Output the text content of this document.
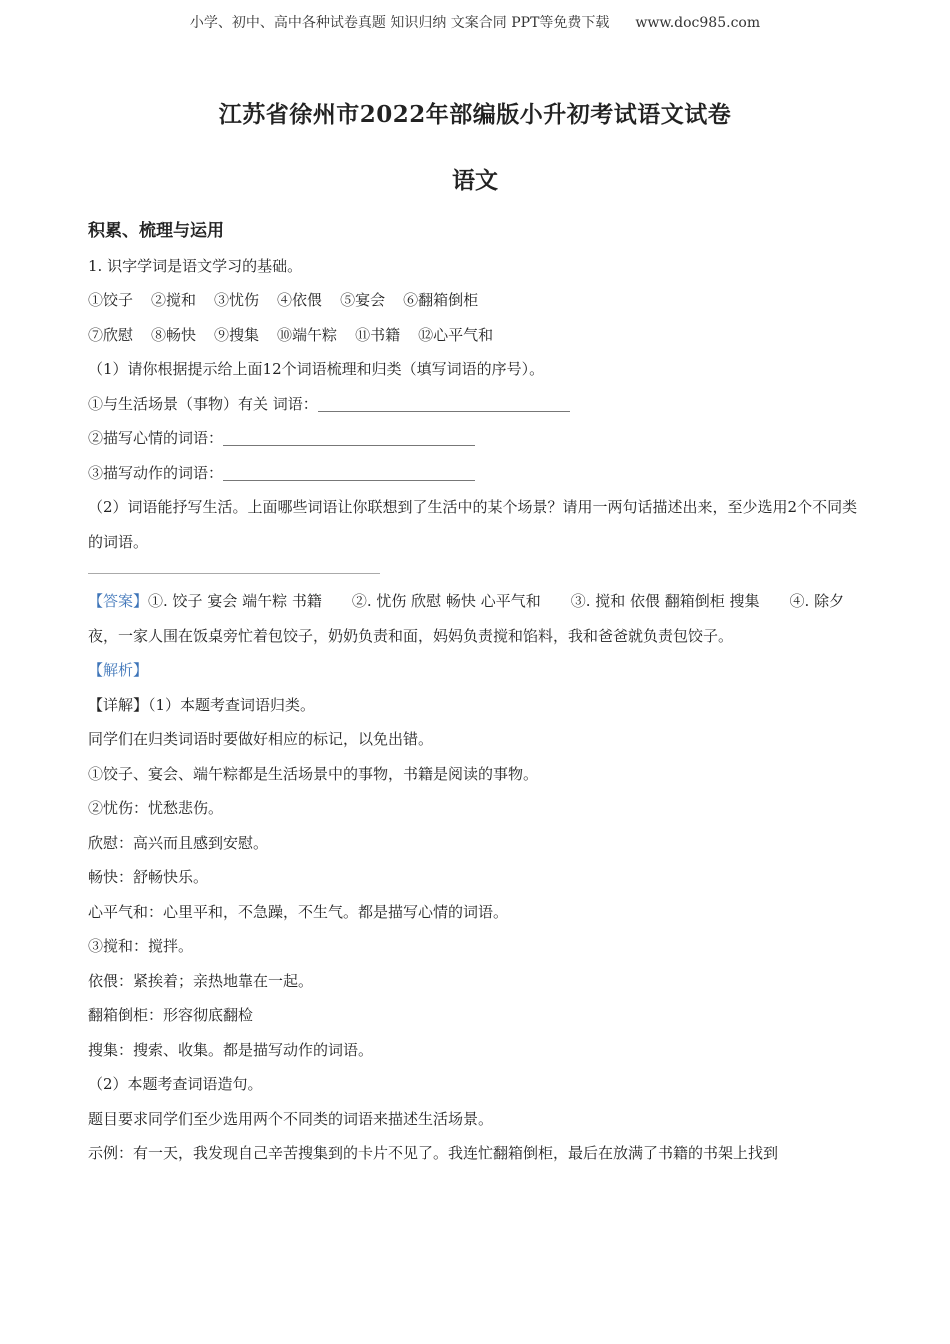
小学、初中、高中各种试卷真题 知识归纳 文案合同 PPT等免费下载 www.doc985.com
江苏省徐州市2022年部编版小升初考试语文试卷
语文
积累、梳理与运用
1. 识字学词是语文学习的基础。
①饺子 ②搅和 ③忧伤 ④依偎 ⑤宴会 ⑥翻箱倒柜
⑦欣慰 ⑧畅快 ⑨搜集 ⑩端午粽 ⑪书籍 ⑫心平气和
（1）请你根据提示给上面12个词语梳理和归类（填写词语的序号）。
①与生活场景（事物）有关 词语：
②描写心情的词语：
③描写动作的词语：
（2）词语能抒写生活。上面哪些词语让你联想到了生活中的某个场景？请用一两句话描述出来，至少选用2个不同类的词语。
【答案】①. 饺子 宴会 端午粽 书籍 ②. 忧伤 欣慰 畅快 心平气和 ③. 搅和 依偎 翻箱倒柜 搜集 ④. 除夕夜，一家人围在饭桌旁忙着包饺子，奶奶负责和面，妈妈负责搅和馅料，我和爸爸就负责包饺子。
【解析】
【详解】（1）本题考查词语归类。
同学们在归类词语时要做好相应的标记，以免出错。
①饺子、宴会、端午粽都是生活场景中的事物，书籍是阅读的事物。
②忧伤：忧愁悲伤。
欣慰：高兴而且感到安慰。
畅快：舒畅快乐。
心平气和：心里平和，不急躁，不生气。都是描写心情的词语。
③搅和：搅拌。
依偎：紧挨着；亲热地靠在一起。
翻箱倒柜：形容彻底翻检
搜集：搜索、收集。都是描写动作的词语。
（2）本题考查词语造句。
题目要求同学们至少选用两个不同类的词语来描述生活场景。
示例：有一天，我发现自己辛苦搜集到的卡片不见了。我连忙翻箱倒柜，最后在放满了书籍的书架上找到
